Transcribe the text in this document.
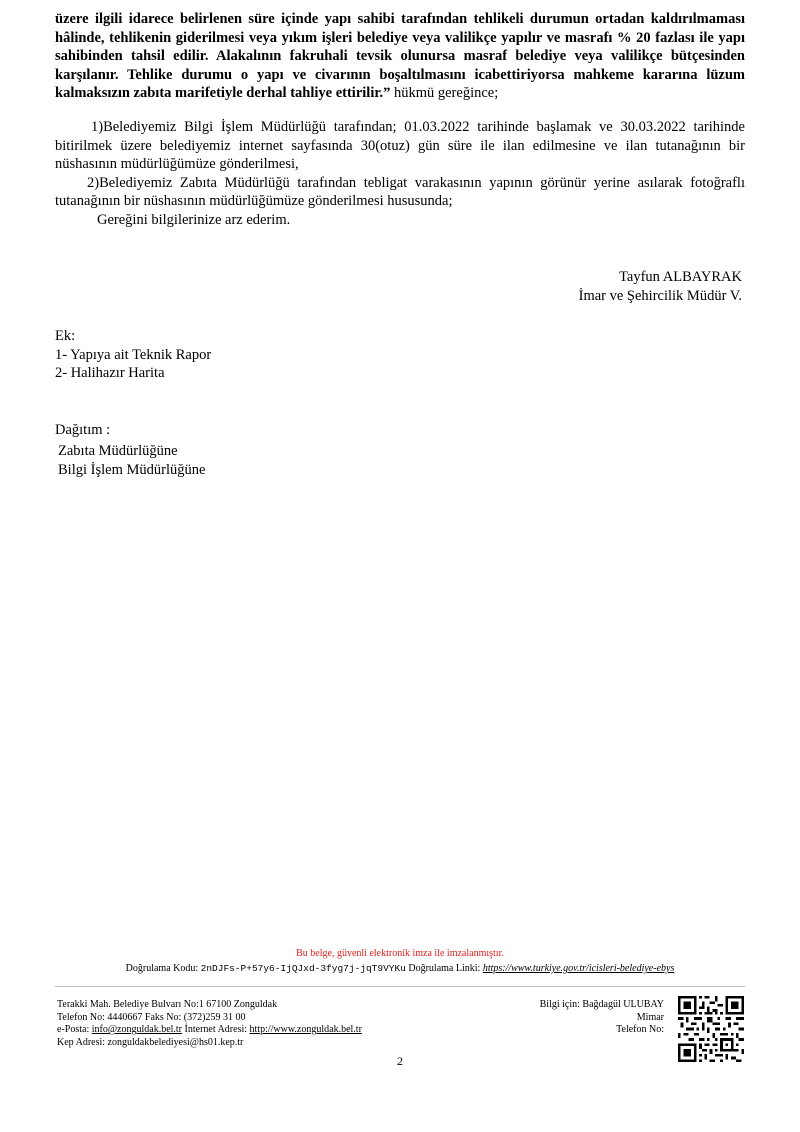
üzere ilgili idarece belirlenen süre içinde yapı sahibi tarafından tehlikeli durumun ortadan kaldırılmaması hâlinde, tehlikenin giderilmesi veya yıkım işleri belediye veya valilikçe yapılır ve masrafı % 20 fazlası ile yapı sahibinden tahsil edilir. Alakalının fakruhali tevsik olunursa masraf belediye veya valilikçe bütçesinden karşılanır. Tehlike durumu o yapı ve civarının boşaltılmasını icabettiriyorsa mahkeme kararına lüzum kalmaksızın zabıta marifetiyle derhal tahliye ettirilir.” hükmü gereğince;

1)Belediyemiz Bilgi İşlem Müdürlüğü tarafından; 01.03.2022 tarihinde başlamak ve 30.03.2022 tarihinde bitirilmek üzere belediyemiz internet sayfasında 30(otuz) gün süre ile ilan edilmesine ve ilan tutanağının bir nüshasının müdürlüğümüze gönderilmesi,

2)Belediyemiz Zabıta Müdürlüğü tarafından tebligat varakasının yapının görünür yerine asılarak fotoğraflı tutanağının bir nüshasının müdürlüğümüze gönderilmesi hususunda;

Gereğini bilgilerinize arz ederim.

Tayfun ALBAYRAK
İmar ve Şehircilik Müdür V.
Ek:
1- Yapıya ait Teknik Rapor
2- Halihazır Harita
Dağıtım :
Zabıta Müdürlüğüne
Bilgi İşlem Müdürlüğüne
Bu belge, güvenli elektronik imza ile imzalanmıştır.
Doğrulama Kodu: 2nDJFs-P+57y6-IjQJxd-3fyg7j-jqT9VYKu Doğrulama Linki: https://www.turkiye.gov.tr/icisleri-belediye-ebys
Terakki Mah. Belediye Bulvarı No:1 67100 Zonguldak
Telefon No: 4440667 Faks No: (372)259 31 00
e-Posta: info@zonguldak.bel.tr İnternet Adresi: http://www.zonguldak.bel.tr
Kep Adresi: zonguldakbelediyesi@hs01.kep.tr
Bilgi için: Bağdagül ULUBAY
Mimar
Telefon No:
2
